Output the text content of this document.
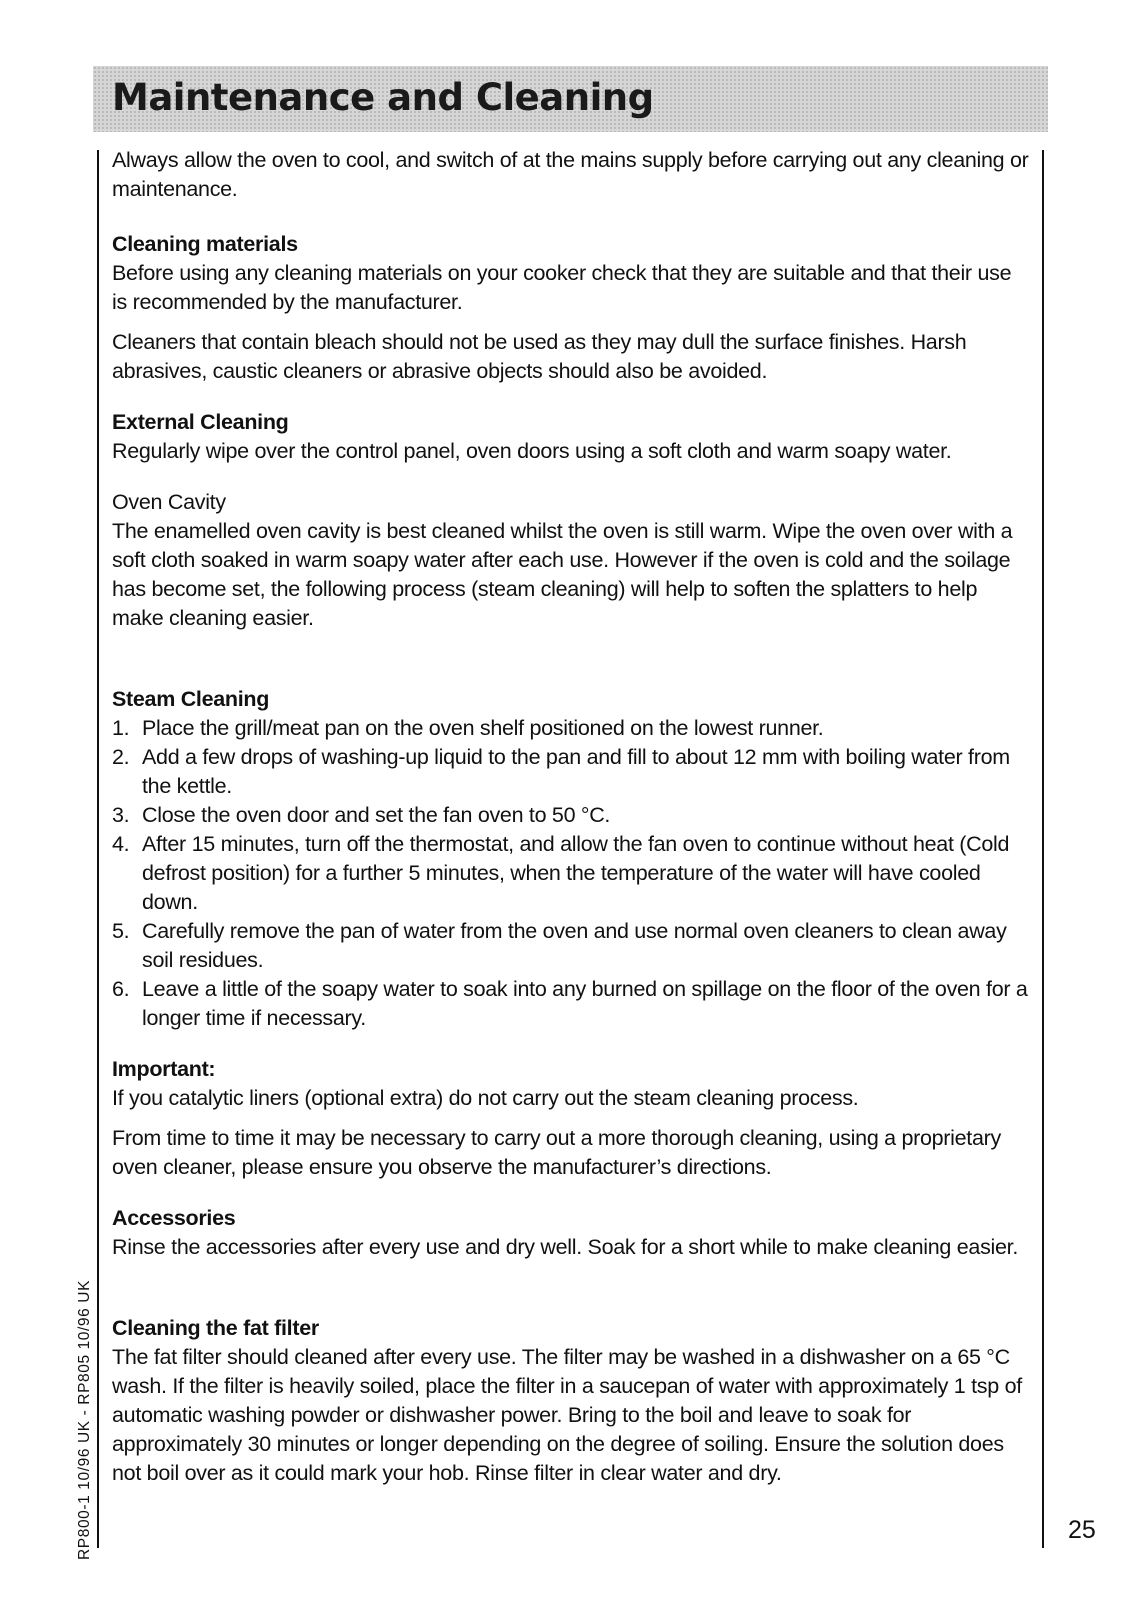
Maintenance and Cleaning
RP800-1 10/96 UK - RP805 10/96 UK	25

Always allow the oven to cool, and switch of at the mains supply before carrying out any cleaning or maintenance.

Cleaning materials

Before using any cleaning materials on your cooker check that they are suitable and that their use is recommended by the manufacturer.

Cleaners that contain bleach should not be used as they may dull the surface finishes. Harsh abrasives, caustic cleaners or abrasive objects should also be avoided.

External Cleaning

Regularly wipe over the control panel, oven doors using a soft cloth and warm soapy water.

Oven Cavity

The enamelled oven cavity is best cleaned whilst the oven is still warm. Wipe the oven over with a soft cloth soaked in warm soapy water after each use. However if the oven is cold and the soilage has become set, the following process (steam cleaning) will help to soften the splatters to help make cleaning easier.

Steam Cleaning
1. Place the grill/meat pan on the oven shelf positioned on the lowest runner.
2. Add a few drops of washing-up liquid to the pan and fill to about 12 mm with boiling water from the kettle.
3. Close the oven door and set the fan oven to 50 °C.
4. After 15 minutes, turn off the thermostat, and allow the fan oven to continue without heat (Cold defrost position) for a further 5 minutes, when the temperature of the water will have cooled down.
5. Carefully remove the pan of water from the oven and use normal oven cleaners to clean away soil residues.
6. Leave a little of the soapy water to soak into any burned on spillage on the floor of the oven for a longer time if necessary.
Important:

If you catalytic liners (optional extra) do not carry out the steam cleaning process.

From time to time it may be necessary to carry out a more thorough cleaning, using a proprietary oven cleaner, please ensure you observe the manufacturer’s directions.

Accessories

Rinse the accessories after every use and dry well. Soak for a short while to make cleaning easier.

Cleaning the fat filter

The fat filter should cleaned after every use. The filter may be washed in a dishwasher on a 65 °C wash. If the filter is heavily soiled, place the filter in a saucepan of water with approximately 1 tsp of automatic washing powder or dishwasher power. Bring to the boil and leave to soak for approximately 30 minutes or longer depending on the degree of soiling. Ensure the solution does not boil over as it could mark your hob. Rinse filter in clear water and dry.
